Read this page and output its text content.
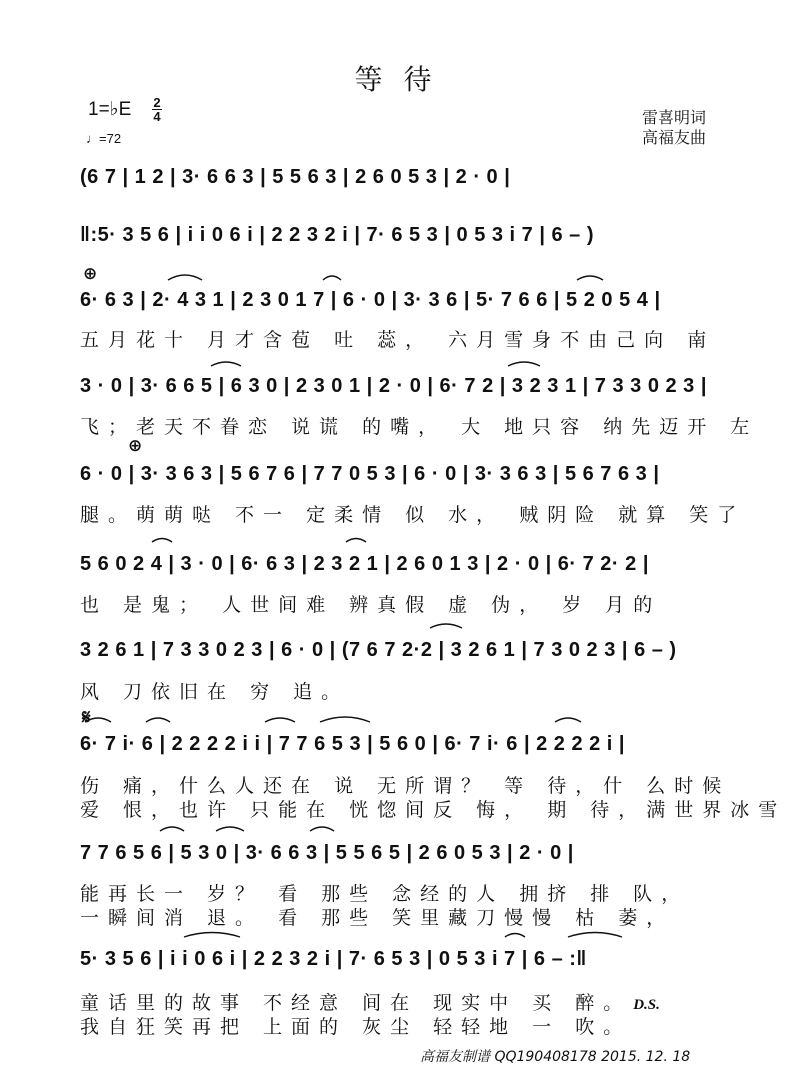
等 待
1=♭E 2
4
♩=72
雷喜明词
高福友曲
(6 7 | 1 2 | 3· 6 6 3 | 5 5 6 3 | 2 6 0 5 3 | 2 · 0 |
‖:5· 3 5 6 | i i 0 6 i | 2 2 3 2 i | 7· 6 5 3 | 0 5 3 i 7 | 6 – )
⊕
6· 6 3 | 2· 4 3 1 | 2 3 0 1 7 | 6 · 0 | 3· 3 6 | 5· 7 6 6 | 5 2 0 5 4 |
五月花十 月才含苞 吐 蕊， 六月雪身不由己向 南
3 · 0 | 3· 6 6 5 | 6 3 0 | 2 3 0 1 | 2 · 0 | 6· 7 2 | 3 2 3 1 | 7 3 3 0 2 3 |
飞；老天不眷恋 说谎 的嘴， 大 地只容 纳先迈开 左
⊕
6 · 0 | 3· 3 6 3 | 5 6 7 6 | 7 7 0 5 3 | 6 · 0 | 3· 3 6 3 | 5 6 7 6 3 |
腿。萌萌哒 不一 定柔情 似 水， 贼阴险 就算 笑了
5 6 0 2 4 | 3 · 0 | 6· 6 3 | 2 3 2 1 | 2 6 0 1 3 | 2 · 0 | 6· 7 2· 2 |
也 是鬼； 人世间难 辨真假 虚 伪， 岁 月的
3 2 6 1 | 7 3 3 0 2 3 | 6 · 0 | (7 6 7 2·2 | 3 2 6 1 | 7 3 0 2 3 | 6 – )
风 刀依旧在 穷 追。
𝄋
6· 7 i· 6 | 2 2 2 2 i i | 7 7 6 5 3 | 5 6 0 | 6· 7 i· 6 | 2 2 2 2 i |
伤 痛，什么人还在 说 无所谓？ 等 待，什 么时候
爱 恨，也许 只能在 恍惚间反 悔， 期 待，满世界冰雪
7 7 6 5 6 | 5 3 0 | 3· 6 6 3 | 5 5 6 5 | 2 6 0 5 3 | 2 · 0 |
能再长一 岁？ 看 那些 念经的人 拥挤 排 队，
一瞬间消 退。 看 那些 笑里藏刀慢慢 枯 萎，
5· 3 5 6 | i i 0 6 i | 2 2 3 2 i | 7· 6 5 3 | 0 5 3 i 7 | 6 – :‖
童话里的故事 不经意 间在 现实中 买 醉。 D.S.
我自狂笑再把 上面的 灰尘 轻轻地 一 吹。
高福友制谱 QQ190408178 2015. 12. 18
